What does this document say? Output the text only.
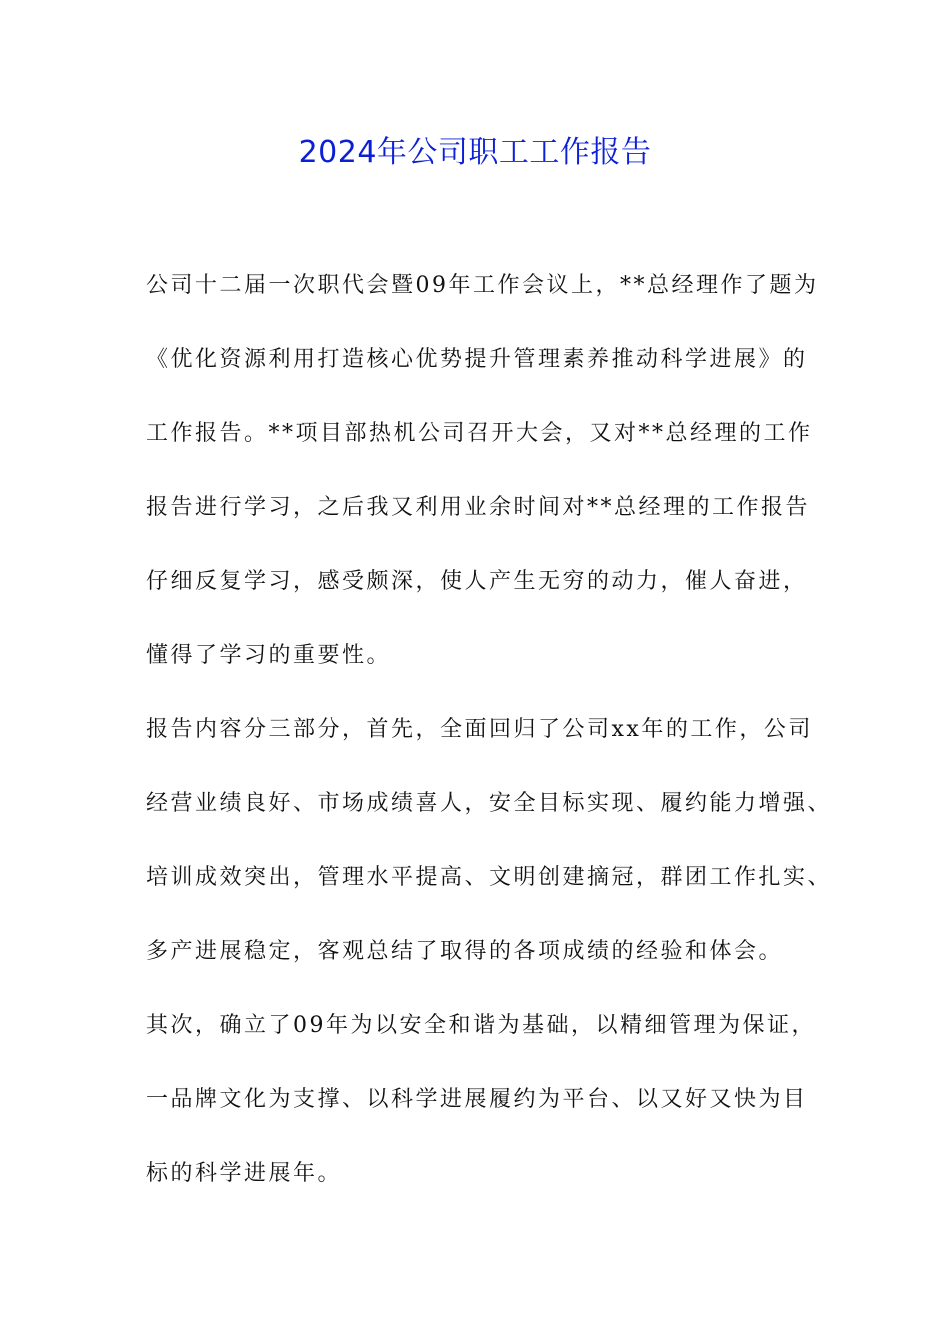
2024年公司职工工作报告
公司十二届一次职代会暨09年工作会议上，**总经理作了题为
《优化资源利用打造核心优势提升管理素养推动科学进展》的
工作报告。**项目部热机公司召开大会，又对**总经理的工作
报告进行学习，之后我又利用业余时间对**总经理的工作报告
仔细反复学习，感受颇深，使人产生无穷的动力，催人奋进，
懂得了学习的重要性。
报告内容分三部分，首先，全面回归了公司xx年的工作，公司
经营业绩良好、市场成绩喜人，安全目标实现、履约能力增强、
培训成效突出，管理水平提高、文明创建摘冠，群团工作扎实、
多产进展稳定，客观总结了取得的各项成绩的经验和体会。
其次，确立了09年为以安全和谐为基础，以精细管理为保证，
一品牌文化为支撑、以科学进展履约为平台、以又好又快为目
标的科学进展年。
